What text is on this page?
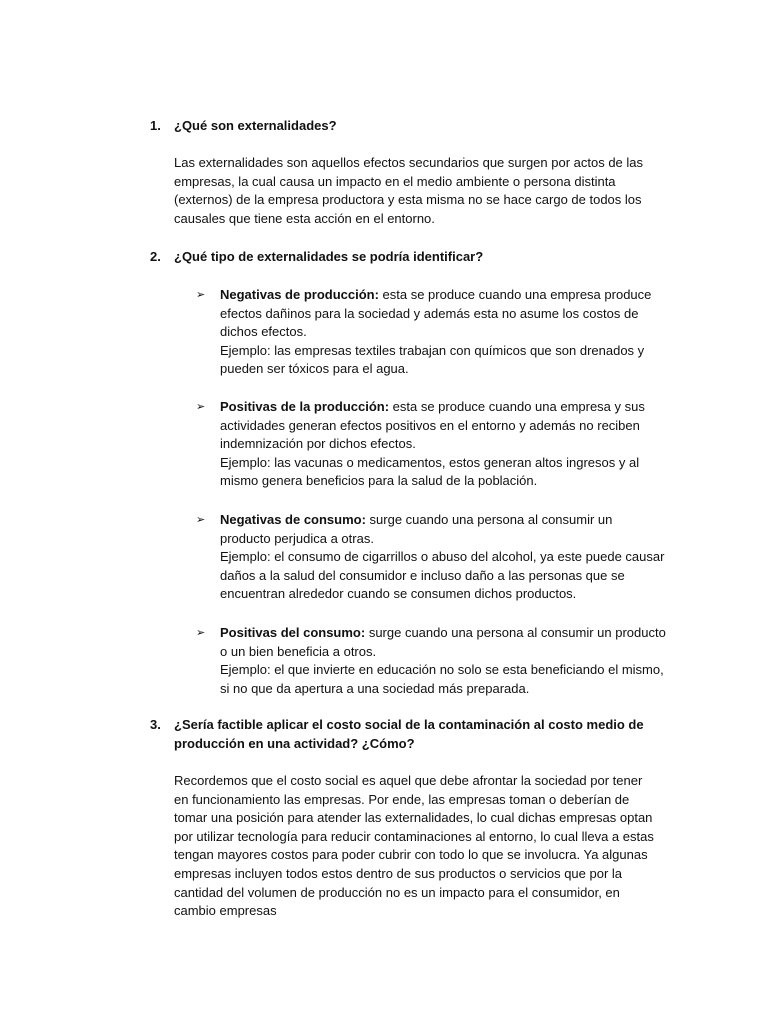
1.	¿Qué son externalidades?
Las externalidades son aquellos efectos secundarios que surgen por actos de las empresas, la cual causa un impacto en el medio ambiente o persona distinta (externos) de la empresa productora y esta misma no se hace cargo de todos los causales que tiene esta acción en el entorno.
2.	¿Qué tipo de externalidades se podría identificar?
➢ Negativas de producción: esta se produce cuando una empresa produce efectos dañinos para la sociedad y además esta no asume los costos de dichos efectos.
Ejemplo: las empresas textiles trabajan con químicos que son drenados y pueden ser tóxicos para el agua.
➢ Positivas de la producción: esta se produce cuando una empresa y sus actividades generan efectos positivos en el entorno y además no reciben indemnización por dichos efectos.
Ejemplo: las vacunas o medicamentos, estos generan altos ingresos y al mismo genera beneficios para la salud de la población.
➢ Negativas de consumo: surge cuando una persona al consumir un producto perjudica a otras.
Ejemplo: el consumo de cigarrillos o abuso del alcohol, ya este puede causar daños a la salud del consumidor e incluso daño a las personas que se encuentran alrededor cuando se consumen dichos productos.
➢ Positivas del consumo: surge cuando una persona al consumir un producto o un bien beneficia a otros.
Ejemplo: el que invierte en educación no solo se esta beneficiando el mismo, si no que da apertura a una sociedad más preparada.
3.	¿Sería factible aplicar el costo social de la contaminación al costo medio de producción en una actividad? ¿Cómo?
Recordemos que el costo social es aquel que debe afrontar la sociedad por tener en funcionamiento las empresas. Por ende, las empresas toman o deberían de tomar una posición para atender las externalidades, lo cual dichas empresas optan por utilizar tecnología para reducir contaminaciones al entorno, lo cual lleva a estas tengan mayores costos para poder cubrir con todo lo que se involucra. Ya algunas empresas incluyen todos estos dentro de sus productos o servicios que por la cantidad del volumen de producción no es un impacto para el consumidor, en cambio empresas
